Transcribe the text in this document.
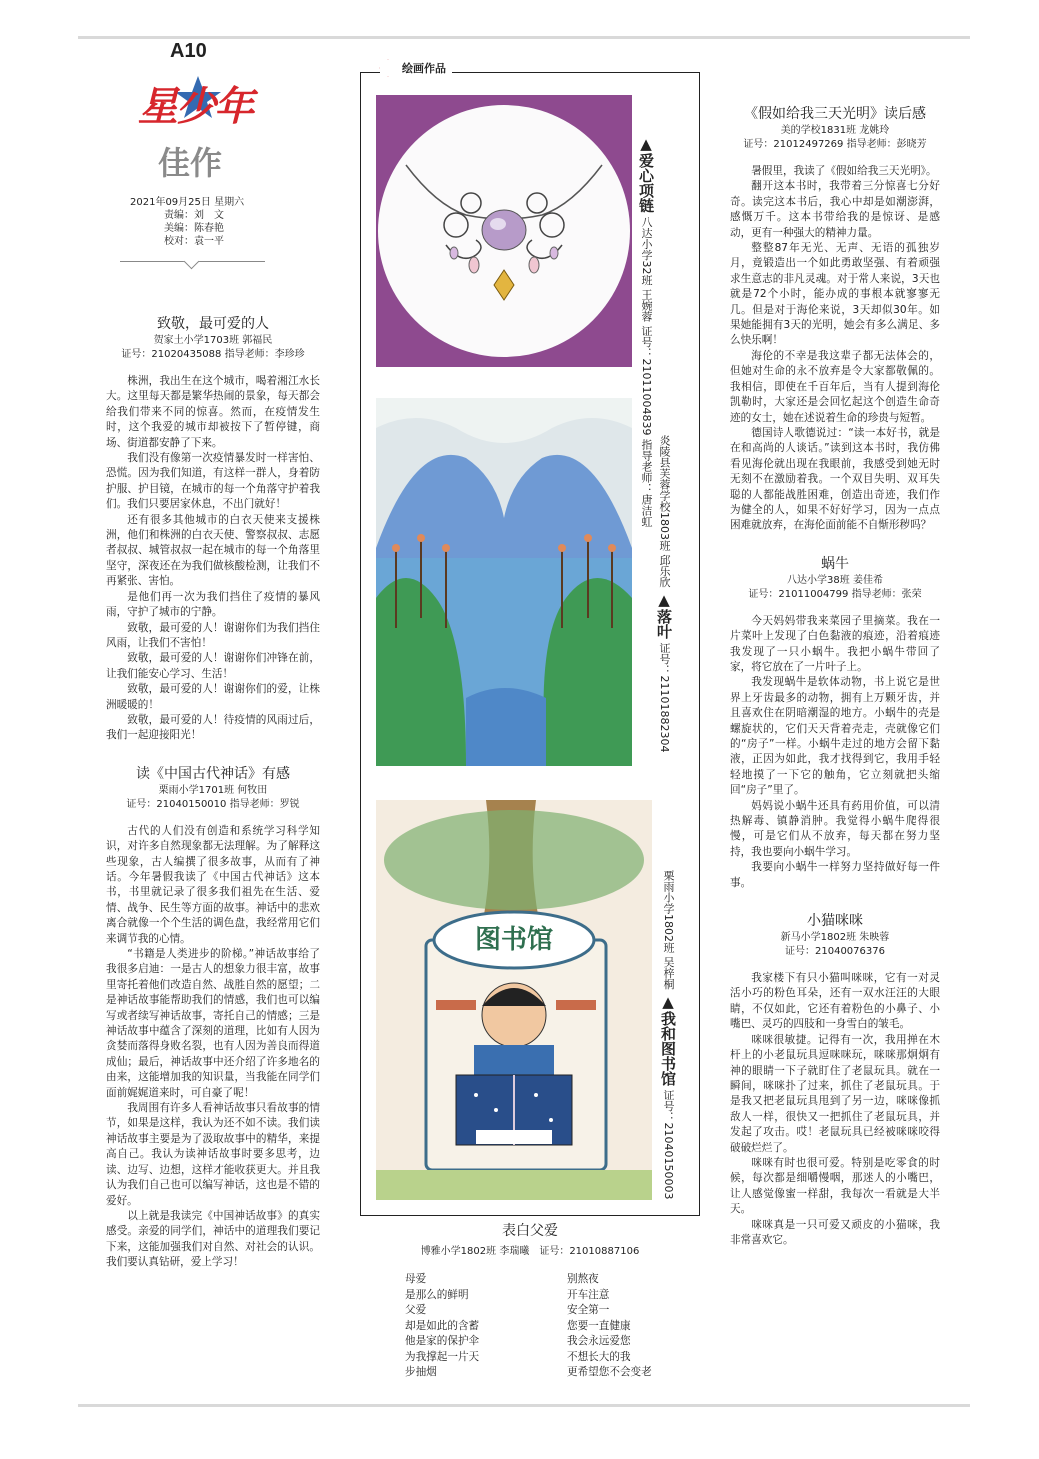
A10
星少年
佳作
2021年09月25日 星期六
责编：刘　文
美编：陈春艳
校对：袁一平
致敬，最可爱的人
贺家土小学1703班 郭福民
证号：21020435088 指导老师：李珍珍

株洲，我出生在这个城市，喝着湘江水长大。这里每天都是繁华热闹的景象，每天都会给我们带来不同的惊喜。然而，在疫情发生时，这个我爱的城市却被按下了暂停键，商场、街道都安静了下来。

我们没有像第一次疫情暴发时一样害怕、恐慌。因为我们知道，有这样一群人，身着防护服、护目镜，在城市的每一个角落守护着我们。我们只要居家休息，不出门就好！

还有很多其他城市的白衣天使来支援株洲，他们和株洲的白衣天使、警察叔叔、志愿者叔叔、城管叔叔一起在城市的每一个角落里坚守，深夜还在为我们做核酸检测，让我们不再紧张、害怕。

是他们再一次为我们挡住了疫情的暴风雨，守护了城市的宁静。

致敬，最可爱的人！谢谢你们为我们挡住风雨，让我们不害怕！

致敬，最可爱的人！谢谢你们冲锋在前，让我们能安心学习、生活！

致敬，最可爱的人！谢谢你们的爱，让株洲暖暖的！

致敬，最可爱的人！待疫情的风雨过后，我们一起迎接阳光！

读《中国古代神话》有感
栗雨小学1701班 何牧田
证号：21040150010 指导老师：罗锐

古代的人们没有创造和系统学习科学知识，对许多自然现象都无法理解。为了解释这些现象，古人编撰了很多故事，从而有了神话。今年暑假我读了《中国古代神话》这本书，书里就记录了很多我们祖先在生活、爱情、战争、民生等方面的故事。神话中的悲欢离合就像一个个生活的调色盘，我经常用它们来调节我的心情。

“书籍是人类进步的阶梯。”神话故事给了我很多启迪：一是古人的想象力很丰富，故事里寄托着他们改造自然、战胜自然的愿望；二是神话故事能帮助我们的情感，我们也可以编写或者续写神话故事，寄托自己的情感；三是神话故事中蕴含了深刻的道理，比如有人因为贪婪而落得身败名裂，也有人因为善良而得道成仙；最后，神话故事中还介绍了许多地名的由来，这能增加我的知识量，当我能在同学们面前娓娓道来时，可自豪了呢！

我周围有许多人看神话故事只看故事的情节，如果是这样，我认为还不如不读。我们读神话故事主要是为了汲取故事中的精华，来提高自己。我认为读神话故事时要多思考，边读、边写、边想，这样才能收获更大。并且我认为我们自己也可以编写神话，这也是不错的爱好。

以上就是我读完《中国神话故事》的真实感受。亲爱的同学们，神话中的道理我们要记下来，这能加强我们对自然、对社会的认识。我们要认真钻研，爱上学习！

绘画作品
▲爱心项链 八达小学32班 王婉蓉 证号：21011004839 指导老师：唐洁虹 炎陵县芙蓉学校1803班 邱乐欣 ▲落叶 证号：21101882304
图书馆	栗雨小学1802班 吴梓桐 ▲我和图书馆 证号：21040150003
表白父爱
博雅小学1802班 李瑞曦　证号：21010887106
母爱
是那么的鲜明
父爱
却是如此的含蓄
他是家的保护伞
为我撑起一片天
步抽烟
别熬夜
开车注意
安全第一
您要一直健康
我会永远爱您
不想长大的我
更希望您不会变老
《假如给我三天光明》读后感
美的学校1831班 龙姚玲
证号：21012497269 指导老师：彭晓芳

暑假里，我读了《假如给我三天光明》。

翻开这本书时，我带着三分惊喜七分好奇。读完这本书后，我心中却是如潮澎湃，感慨万千。这本书带给我的是惊讶、是感动，更有一种强大的精神力量。

整整87年无光、无声、无语的孤独岁月，竟锻造出一个如此勇敢坚强、有着顽强求生意志的非凡灵魂。对于常人来说，3天也就是72个小时，能办成的事根本就寥寥无几。但是对于海伦来说，3天却似30年。如果她能拥有3天的光明，她会有多么满足、多么快乐啊！

海伦的不幸是我这辈子都无法体会的，但她对生命的永不放弃是令大家都敬佩的。我相信，即使在千百年后，当有人提到海伦凯勒时，大家还是会回忆起这个创造生命奇迹的女士，她在述说着生命的珍贵与短暂。

德国诗人歌德说过：“读一本好书，就是在和高尚的人谈话。”读到这本书时，我仿佛看见海伦就出现在我眼前，我感受到她无时无刻不在激励着我。一个双目失明、双耳失聪的人都能战胜困难，创造出奇迹，我们作为健全的人，如果不好好学习，因为一点点困难就放弃，在海伦面前能不自惭形秽吗？

蜗牛
八达小学38班 姜佳希
证号：21011004799 指导老师：张荣

今天妈妈带我来菜园子里摘菜。我在一片菜叶上发现了白色黏液的痕迹，沿着痕迹我发现了一只小蜗牛。我把小蜗牛带回了家，将它放在了一片叶子上。

我发现蜗牛是软体动物，书上说它是世界上牙齿最多的动物，拥有上万颗牙齿，并且喜欢住在阴暗潮湿的地方。小蜗牛的壳是螺旋状的，它们天天背着壳走，壳就像它们的“房子”一样。小蜗牛走过的地方会留下黏液，正因为如此，我才找得到它，我用手轻轻地摸了一下它的触角，它立刻就把头缩回“房子”里了。

妈妈说小蜗牛还具有药用价值，可以清热解毒、镇静消肿。我觉得小蜗牛爬得很慢，可是它们从不放弃，每天都在努力坚持，我也要向小蜗牛学习。

我要向小蜗牛一样努力坚持做好每一件事。

小猫咪咪
新马小学1802班 朱映蓉
证号：21040076376

我家楼下有只小猫叫咪咪，它有一对灵活小巧的粉色耳朵，还有一双水汪汪的大眼睛，不仅如此，它还有着粉色的小鼻子、小嘴巴、灵巧的四肢和一身雪白的皱毛。

咪咪很敏捷。记得有一次，我用掸在木杆上的小老鼠玩具逗咪咪玩，咪咪那炯炯有神的眼睛一下子就盯住了老鼠玩具。就在一瞬间，咪咪扑了过来，抓住了老鼠玩具。于是我又把老鼠玩具甩到了另一边，咪咪像抓敌人一样，很快又一把抓住了老鼠玩具，并发起了攻击。哎！老鼠玩具已经被咪咪咬得破破烂烂了。

咪咪有时也很可爱。特别是吃零食的时候，每次都是细嚼慢咽，那迷人的小嘴巴，让人感觉像蜜一样甜，我每次一看就是大半天。

咪咪真是一只可爱又顽皮的小猫咪，我非常喜欢它。
